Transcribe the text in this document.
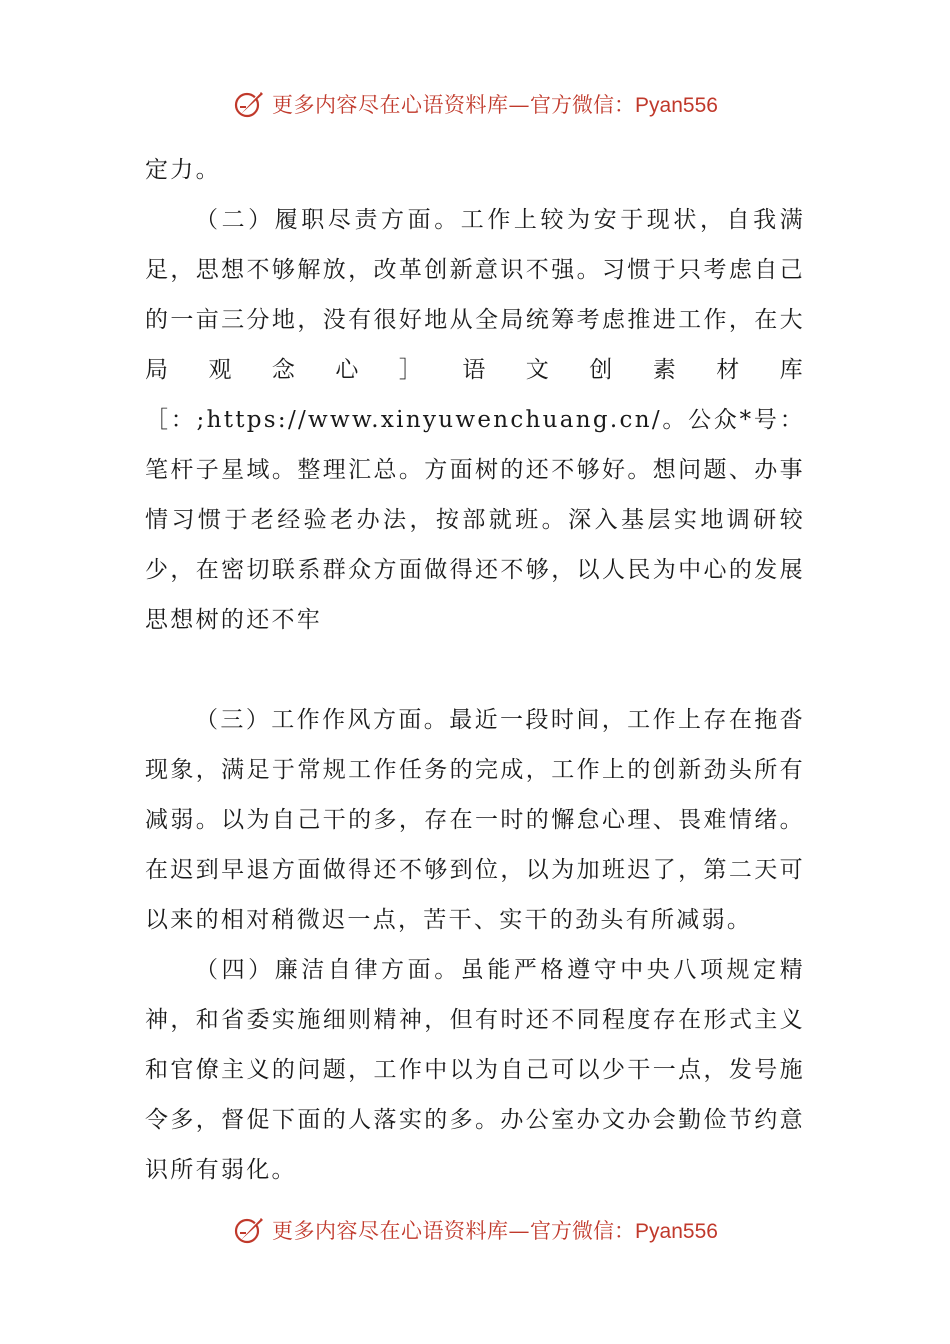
更多内容尽在心语资料库— 官方微信：Pyan556

定力。

（二）履职尽责方面。工作上较为安于现状，自我满足，思想不够解放，改革创新意识不强。习惯于只考虑自己的一亩三分地，没有很好地从全局统筹考虑推进工作，在大局观念心］语文创素材库［：;https://www.xinyuwenchuang.cn/。公众*号：笔杆子星域。整理汇总。方面树的还不够好。想问题、办事情习惯于老经验老办法，按部就班。深入基层实地调研较少，在密切联系群众方面做得还不够，以人民为中心的发展思想树的还不牢

（三）工作作风方面。最近一段时间，工作上存在拖沓现象，满足于常规工作任务的完成，工作上的创新劲头所有减弱。以为自己干的多，存在一时的懈怠心理、畏难情绪。在迟到早退方面做得还不够到位，以为加班迟了，第二天可以来的相对稍微迟一点，苦干、实干的劲头有所减弱。

（四）廉洁自律方面。虽能严格遵守中央八项规定精神，和省委实施细则精神，但有时还不同程度存在形式主义和官僚主义的问题，工作中以为自己可以少干一点，发号施令多，督促下面的人落实的多。办公室办文办会勤俭节约意识所有弱化。

更多内容尽在心语资料库— 官方微信：Pyan556
